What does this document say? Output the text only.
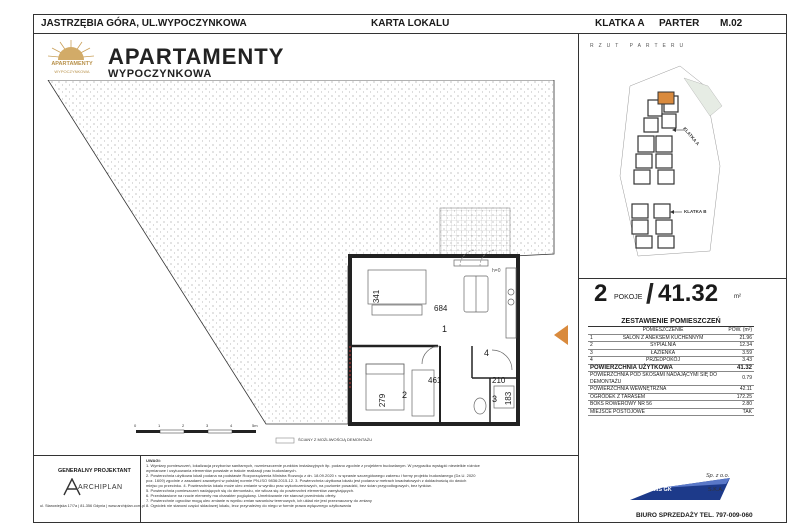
JASTRZĘBIA GÓRA, UL.WYPOCZYNKOWA	KARTA LOKALU	KLATKA A PARTER M.02
APARTAMENTY
WYPOCZYNKOWA
APARTAMENTY
WYPOCZYNKOWA
1
2	3
4
684
341
461
279
210
183
h=0
0	1	2	3	4	5m
ŚCIANY Z MOŻLIWOŚCIĄ DEMONTAŻU
RZUT PARTERU
KLATKA A
KLATKA B
2 POKOJE / 41.32	m²
ZESTAWIENIE POMIESZCZEŃ
	POMIESZCZENIE	POW. (m²)
1	SALON Z ANEKSEM KUCHENNYM	21.96
2	SYPIALNIA	12.34
3	ŁAZIENKA	3.59
4	PRZEDPOKÓJ	3.43
POWIERZCHNIA UŻYTKOWA		41.32
POWIERZCHNIA POD SKOSAMI NADAJĄCYMI SIĘ DO DEMONTAŻU		0.79
POWIERZCHNIA WEWNĘTRZNA		42.11
OGRÓDEK Z TARASEM		172.25
BOKS ROWEROWY NR 56		2.80
MIEJSCE POSTOJOWE		TAK
V ELMIS GK
Sp. z o.o.
S.K.A.
BIURO SPRZEDAŻY TEL. 797-009-060
GENERALNY PROJEKTANT
ARCHIPLAN
ul. Starowiejska 17/7a | 81-356 Gdynia | www.archiplan.com.pl
UWAGI:
1. Wymiary pomieszczeń, lokalizacja przyborów sanitarnych, rozmieszczenie punktów instalacyjnych itp. podano zgodnie z projektem budowlanym. W przypadku wystąpić niewielkie różnice
wymiarowe i usytuowania elementów powstałe w trakcie realizacji prac budowlanych.
2. Powierzchnia użytkowa lokali podana na podstawie Rozporządzenia Ministra Rozwoju z dn. 18.09.2020 r. w sprawie szczegółowego zakresu i formy projektu budowlanego (Dz.U. 2020
poz. 1609) zgodnie z zasadami zawartymi w polskiej normie PN-ISO 9836:2015-12. 3. Powierzchnia użytkowa lokalu jest podana w metrach kwadratowych z dokładnością do dwóch
miejsc po przecinku. 4. Powierzchnia lokalu może ulec zmianie w wyniku prac wykończeniowych, na poziomie posadzki, bez ścian przypodłogowych, bez tynków.
5. Powierzchnia pomieszczeń nadających się do demontażu, nie wlicza się do powierzchni elementów zamykających.
6. Przedstawione na rzucie elementy ma charakter poglądowy. Umeblowanie nie stanowi przedmiotu oferty.
7. Powierzchnie ogrodów mogą ulec zmianie w wyniku zmian warunków terenowych, ich układ nie jest przeznaczony do zmiany
8. Ogródek nie stanowi części składowej lokalu, lecz przynależny do niego w formie prawa wyłącznego użytkowania
